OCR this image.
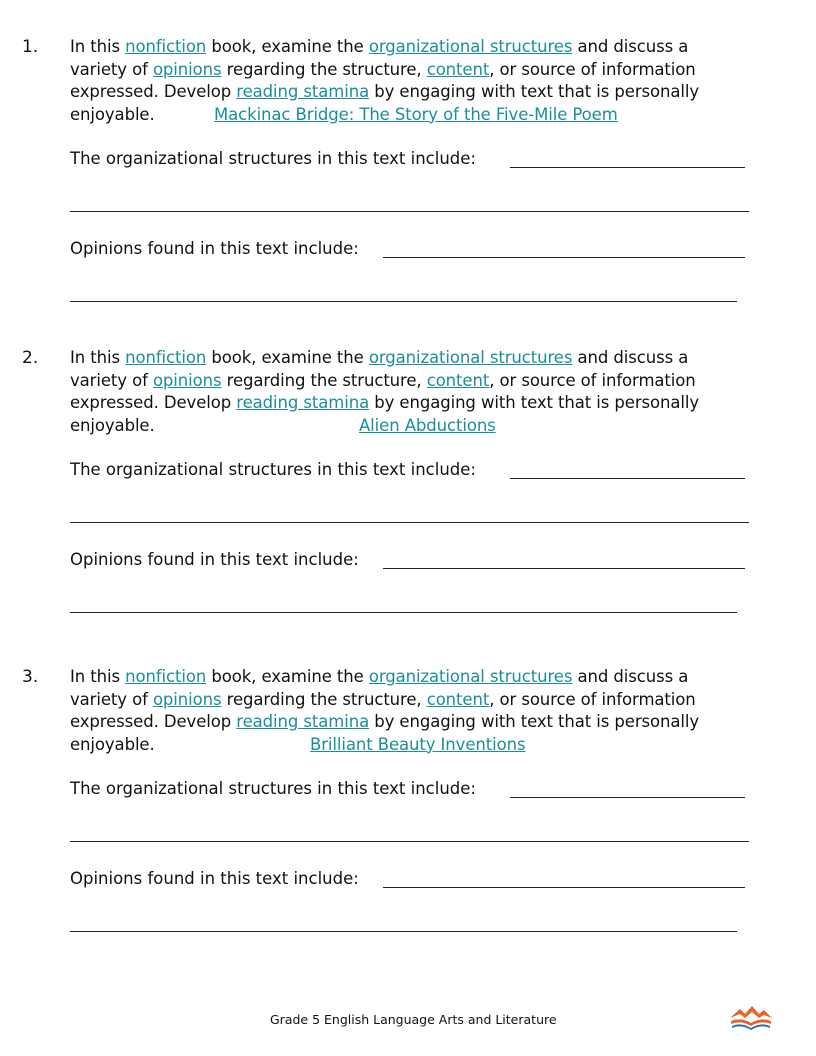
1. In this nonfiction book, examine the organizational structures and discuss a
variety of opinions regarding the structure, content, or source of information
expressed. Develop reading stamina by engaging with text that is personally
enjoyable.	Mackinac Bridge: The Story of the Five-Mile Poem
The organizational structures in this text include:
Opinions found in this text include:
2. In this nonfiction book, examine the organizational structures and discuss a
variety of opinions regarding the structure, content, or source of information
expressed. Develop reading stamina by engaging with text that is personally
enjoyable.	Alien Abductions
The organizational structures in this text include:
Opinions found in this text include:
3. In this nonfiction book, examine the organizational structures and discuss a
variety of opinions regarding the structure, content, or source of information
expressed. Develop reading stamina by engaging with text that is personally
enjoyable.	Brilliant Beauty Inventions
The organizational structures in this text include:
Opinions found in this text include:
Grade 5 English Language Arts and Literature
